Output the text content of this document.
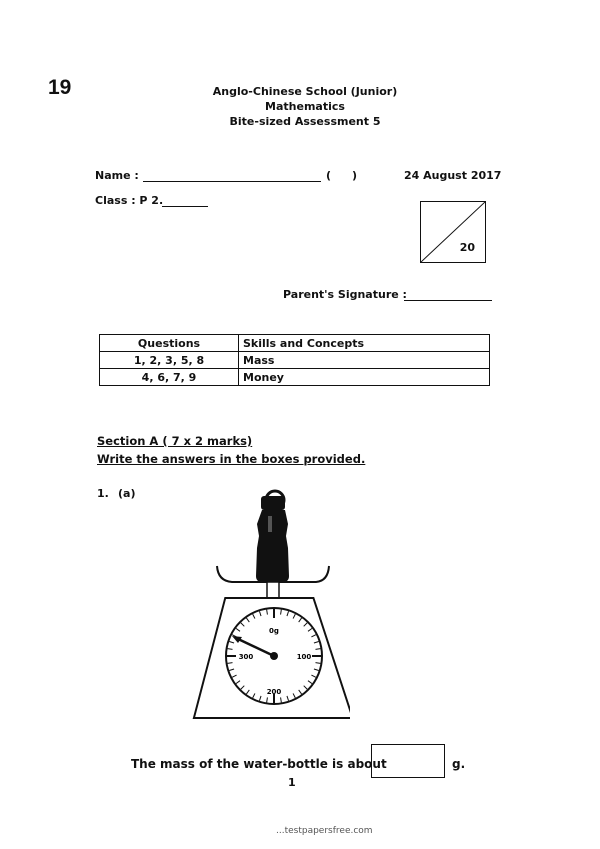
19	Anglo-Chinese School (Junior)
Mathematics
Bite-sized Assessment 5
Name :	( )	24 August 2017
Class : P 2.
20
Parent's Signature :
Questions	Skills and Concepts
1, 2, 3, 5, 8	Mass
4, 6, 7, 9	Money
Section A ( 7 x 2 marks)
Write the answers in the boxes provided.
1. (a)
0g
100
200
300
The mass of the water-bottle is about	g.
1
...testpapersfree.com
